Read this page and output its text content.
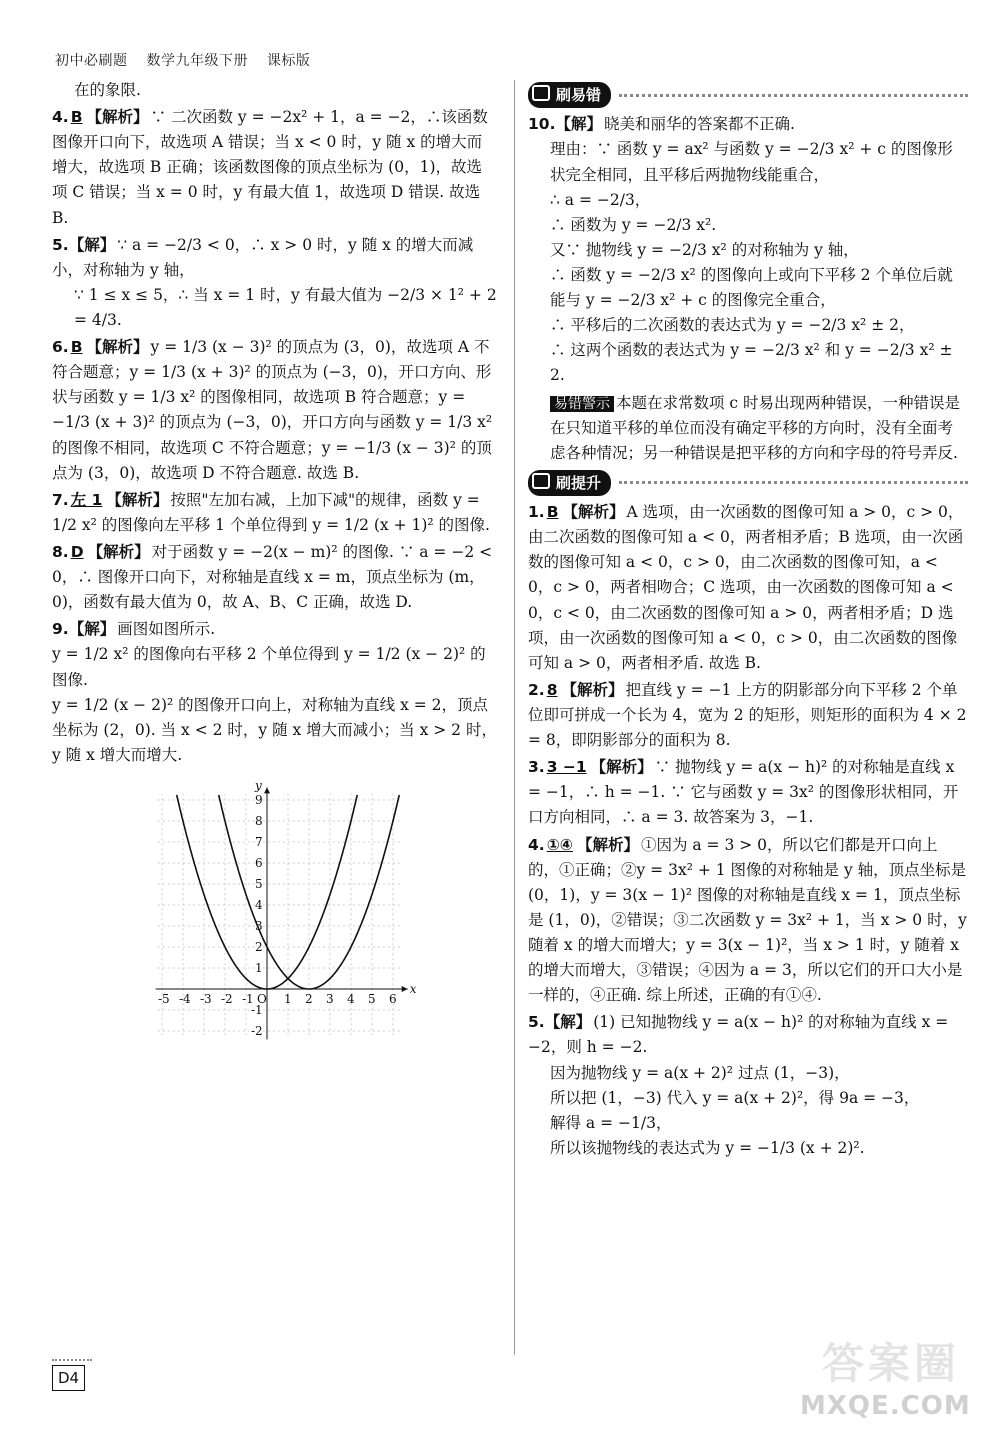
初中必刷题 数学九年级下册 课标版
在的象限.
4. B 【解析】 ∵ 二次函数 y = −2x² + 1，a = −2，∴该函数图像开口向下，故选项 A 错误；当 x < 0 时，y 随 x 的增大而增大，故选项 B 正确；该函数图像的顶点坐标为 (0，1)，故选项 C 错误；当 x = 0 时，y 有最大值 1，故选项 D 错误. 故选 B.
5.【解】 ∵ a = −2/3 < 0，∴ x > 0 时，y 随 x 的增大而减小，对称轴为 y 轴，
∵ 1 ≤ x ≤ 5，∴ 当 x = 1 时，y 有最大值为 −2/3 × 1² + 2 = 4/3.
6. B 【解析】 y = 1/3 (x − 3)² 的顶点为 (3，0)，故选项 A 不符合题意；y = 1/3 (x + 3)² 的顶点为 (−3，0)，开口方向、形状与函数 y = 1/3 x² 的图像相同，故选项 B 符合题意；y = −1/3 (x + 3)² 的顶点为 (−3，0)，开口方向与函数 y = 1/3 x² 的图像不相同，故选项 C 不符合题意；y = −1/3 (x − 3)² 的顶点为 (3，0)，故选项 D 不符合题意. 故选 B.
7. 左 1 【解析】 按照"左加右减，上加下减"的规律，函数 y = 1/2 x² 的图像向左平移 1 个单位得到 y = 1/2 (x + 1)² 的图像.
8. D 【解析】 对于函数 y = −2(x − m)² 的图像. ∵ a = −2 < 0，∴ 图像开口向下，对称轴是直线 x = m，顶点坐标为 (m，0)，函数有最大值为 0，故 A、B、C 正确，故选 D.
9.【解】 画图如图所示.
y = 1/2 x² 的图像向右平移 2 个单位得到 y = 1/2 (x − 2)² 的图像.
y = 1/2 (x − 2)² 的图像开口向上，对称轴为直线 x = 2，顶点坐标为 (2，0). 当 x < 2 时，y 随 x 增大而减小；当 x > 2 时，y 随 x 增大而增大.
-5 -4 -3 -2 -1 O 1 2 3 4 5 6
9
8
7
6
5
4
3
2
1
-1
-2
x
y
刷易错
10.【解】 晓美和丽华的答案都不正确.
理由：∵ 函数 y = ax² 与函数 y = −2/3 x² + c 的图像形状完全相同，且平移后两抛物线能重合，
∴ a = −2/3，
∴ 函数为 y = −2/3 x².
又∵ 抛物线 y = −2/3 x² 的对称轴为 y 轴，
∴ 函数 y = −2/3 x² 的图像向上或向下平移 2 个单位后就能与 y = −2/3 x² + c 的图像完全重合，
∴ 平移后的二次函数的表达式为 y = −2/3 x² ± 2，
∴ 这两个函数的表达式为 y = −2/3 x² 和 y = −2/3 x² ± 2.
易错警示 本题在求常数项 c 时易出现两种错误，一种错误是在只知道平移的单位而没有确定平移的方向时，没有全面考虑各种情况；另一种错误是把平移的方向和字母的符号弄反.
刷提升
1. B 【解析】 A 选项，由一次函数的图像可知 a > 0，c > 0，由二次函数的图像可知 a < 0，两者相矛盾；B 选项，由一次函数的图像可知 a < 0，c > 0，由二次函数的图像可知，a < 0，c > 0，两者相吻合；C 选项，由一次函数的图像可知 a < 0，c < 0，由二次函数的图像可知 a > 0，两者相矛盾；D 选项，由一次函数的图像可知 a < 0，c > 0，由二次函数的图像可知 a > 0，两者相矛盾. 故选 B.
2. 8 【解析】 把直线 y = −1 上方的阴影部分向下平移 2 个单位即可拼成一个长为 4，宽为 2 的矩形，则矩形的面积为 4 × 2 = 8，即阴影部分的面积为 8.
3. 3 −1 【解析】 ∵ 抛物线 y = a(x − h)² 的对称轴是直线 x = −1，∴ h = −1. ∵ 它与函数 y = 3x² 的图像形状相同，开口方向相同，∴ a = 3. 故答案为 3，−1.
4. ①④ 【解析】 ①因为 a = 3 > 0，所以它们都是开口向上的，①正确；②y = 3x² + 1 图像的对称轴是 y 轴，顶点坐标是 (0，1)，y = 3(x − 1)² 图像的对称轴是直线 x = 1，顶点坐标是 (1，0)，②错误；③二次函数 y = 3x² + 1，当 x > 0 时，y 随着 x 的增大而增大；y = 3(x − 1)²，当 x > 1 时，y 随着 x 的增大而增大，③错误；④因为 a = 3，所以它们的开口大小是一样的，④正确. 综上所述，正确的有①④.
5.【解】 (1) 已知抛物线 y = a(x − h)² 的对称轴为直线 x = −2，则 h = −2.
因为抛物线 y = a(x + 2)² 过点 (1，−3)，
所以把 (1，−3) 代入 y = a(x + 2)²，得 9a = −3，
解得 a = −1/3，
所以该抛物线的表达式为 y = −1/3 (x + 2)².
D4	答案圈
MXQE.COM
